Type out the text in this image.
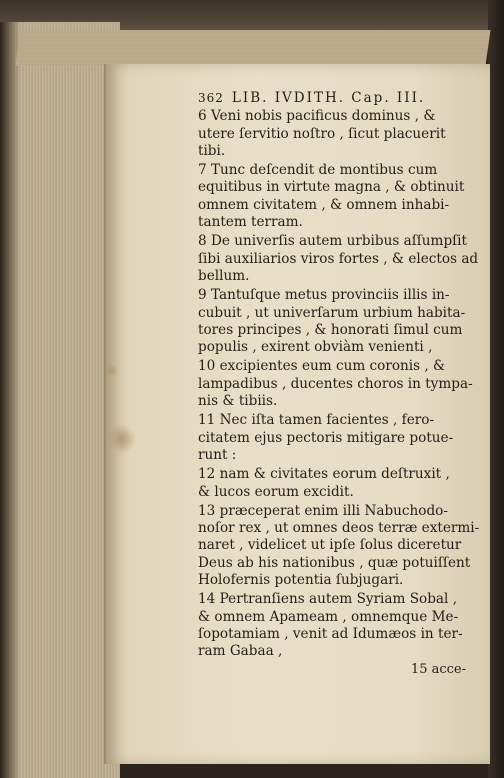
362 LIB. IVDITH. Cap. III.
6 Veni nobis pacificus dominus , &
utere ſervitio noſtro , ſicut placuerit
tibi.
7 Tunc deſcendit de montibus cum
equitibus in virtute magna , & obtinuit
omnem civitatem , & omnem inhabi-
tantem terram.
8 De univerſis autem urbibus aſſumpſit
ſibi auxiliarios viros fortes , & electos ad
bellum.
9 Tantuſque metus provinciis illis in-
cubuit , ut univerſarum urbium habita-
tores principes , & honorati ſimul cum
populis , exirent obviàm venienti ,
10 excipientes eum cum coronis , &
lampadibus , ducentes choros in tympa-
nis & tibiis.
11 Nec iſta tamen facientes , fero-
citatem ejus pectoris mitigare potue-
runt :
12 nam & civitates eorum deſtruxit ,
& lucos eorum excidit.
13 præceperat enim illi Nabuchodo-
noſor rex , ut omnes deos terræ extermi-
naret , videlicet ut ipſe ſolus diceretur
Deus ab his nationibus , quæ potuiſſent
Holofernis potentia ſubjugari.
14 Pertranſiens autem Syriam Sobal ,
& omnem Apameam , omnemque Me-
ſopotamiam , venit ad Idumæos in ter-
ram Gabaa ,
15 acce-
